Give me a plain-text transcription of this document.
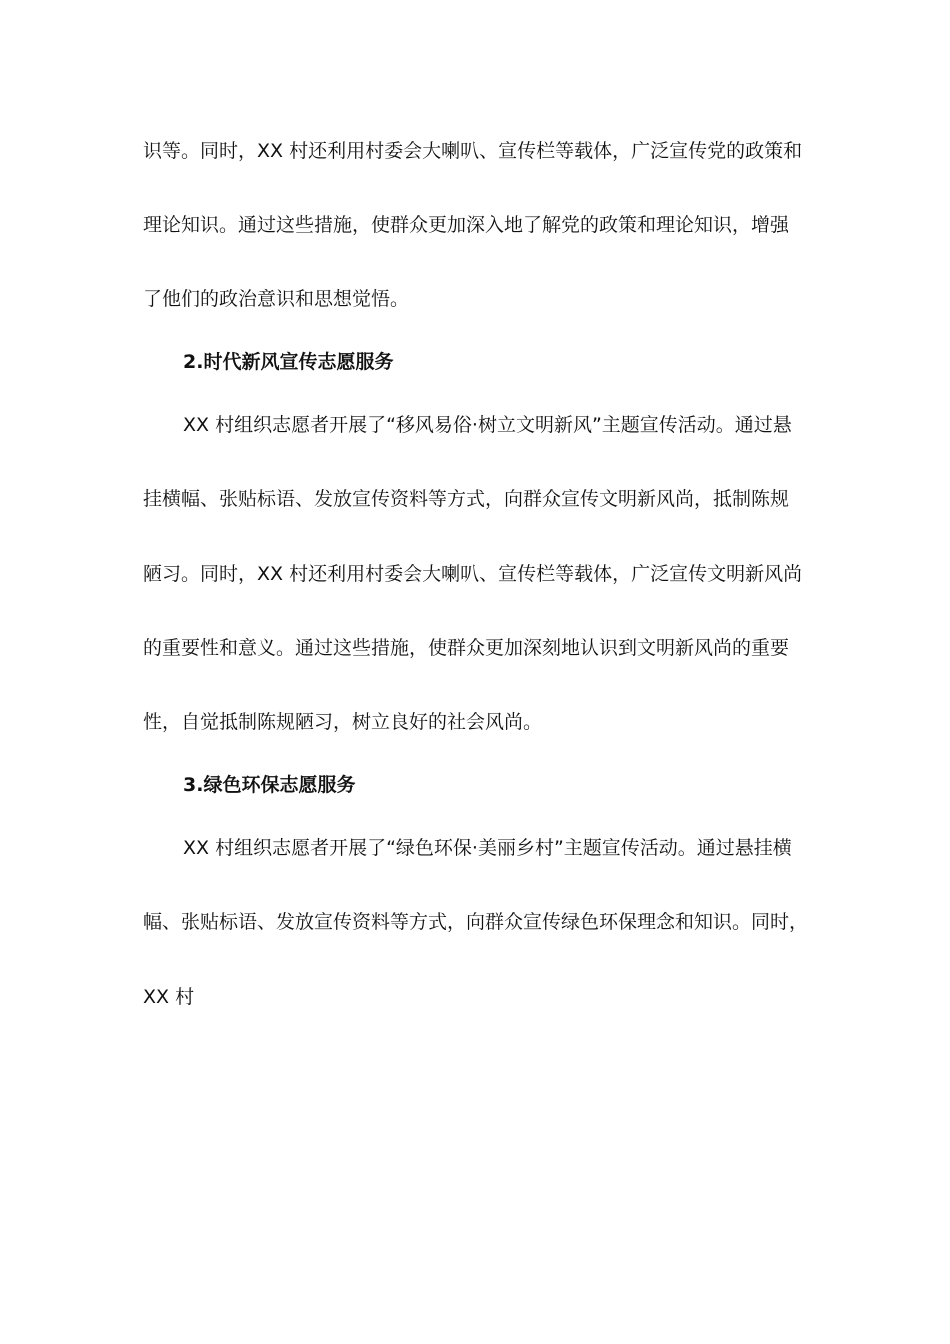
识等。同时，XX 村还利用村委会大喇叭、宣传栏等载体，广泛宣传党的政策和
理论知识。通过这些措施，使群众更加深入地了解党的政策和理论知识，增强
了他们的政治意识和思想觉悟。
2.时代新风宣传志愿服务
XX 村组织志愿者开展了“移风易俗·树立文明新风”主题宣传活动。通过悬
挂横幅、张贴标语、发放宣传资料等方式，向群众宣传文明新风尚，抵制陈规
陋习。同时，XX 村还利用村委会大喇叭、宣传栏等载体，广泛宣传文明新风尚
的重要性和意义。通过这些措施，使群众更加深刻地认识到文明新风尚的重要
性，自觉抵制陈规陋习，树立良好的社会风尚。
3.绿色环保志愿服务
XX 村组织志愿者开展了“绿色环保·美丽乡村”主题宣传活动。通过悬挂横
幅、张贴标语、发放宣传资料等方式，向群众宣传绿色环保理念和知识。同时，
XX 村
